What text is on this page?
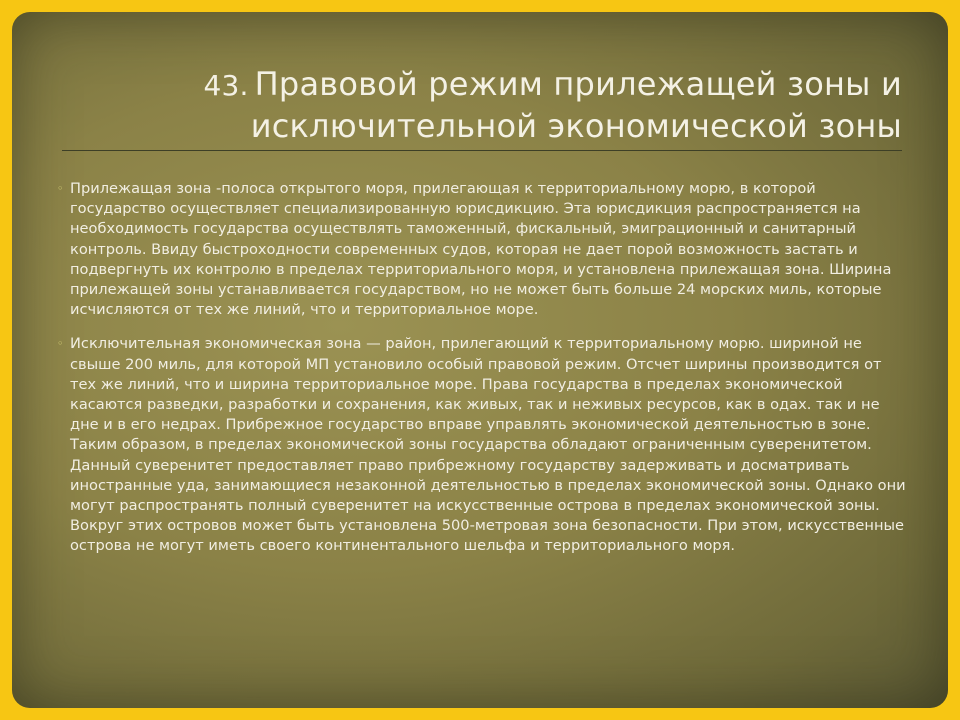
43. Правовой режим прилежащей зоны и
исключительной экономической зоны

◦ Прилежащая зона -полоса открытого моря, прилегающая к территориальному морю, в которой государство осуществляет специализированную юрисдикцию. Эта юрисдикция распространяется на необходимость государства осуществлять таможенный, фискальный, эмиграционный и санитарный контроль. Ввиду быстроходности современных судов, которая не дает порой возможность застать и подвергнуть их контролю в пределах территориального моря, и установлена прилежащая зона. Ширина прилежащей зоны устанавливается государством, но не может быть больше 24 морских миль, которые исчисляются от тех же линий, что и территориальное море.

◦ Исключительная экономическая зона — район, прилегающий к территориальному морю. шириной не свыше 200 миль, для которой МП установило особый правовой режим. Отсчет ширины производится от тех же линий, что и ширина территориальное море. Права государства в пределах экономической касаются разведки, разработки и сохранения, как живых, так и неживых ресурсов, как в одах. так и не дне и в его недрах. Прибрежное государство вправе управлять экономической деятельностью в зоне. Таким образом, в пределах экономической зоны государства обладают ограниченным суверенитетом. Данный суверенитет предоставляет право прибрежному государству задерживать и досматривать иностранные уда, занимающиеся незаконной деятельностью в пределах экономической зоны. Однако они могут распространять полный суверенитет на искусственные острова в пределах экономической зоны. Вокруг этих островов может быть установлена 500-метровая зона безопасности. При этом, искусственные острова не могут иметь своего континентального шельфа и территориального моря.
